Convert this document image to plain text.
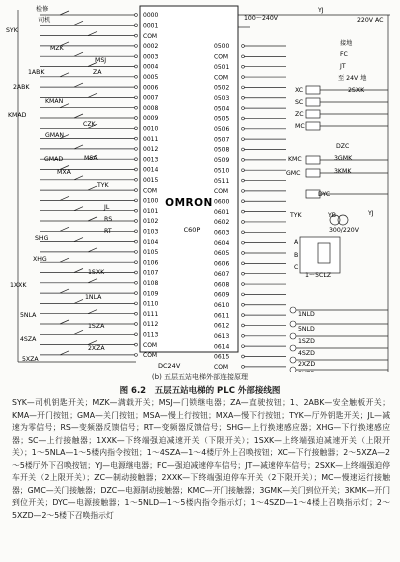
OMRON
C60P
DC24V
0000
0001
COM
0002
0003
0004
0005
0006
0007
0008
0009
0010
0011
0012
0013
0014
0015
COM
0100
0101
0102
0103
0104
0105
0106
0107
0108
0109
0110
0111
0112
0113
COM
COM
0500
COM
0501
COM
0502
0503
0504
0505
0506
0507
0508
0509
0510
0511
COM
0600
0601
0602
0603
0604
0605
0606
0607
0608
0609
0610
0611
0612
0613
0614
0615
COM
检修
司机
SYK
MZK
MSJ
1ABK	ZA
2ABK
KMAN
KMAD
CZK
GMAN
GMAD	MSA
MXA
TYK
JL
RS
RT
SHG
XHG
1SXK
1XXK
1NLA
5NLA
1SZA
4SZA
2XZA
5XZA
100～240V
YJ
220V AC
接地
FC
JT
至 24V 地
XC	2SXK
SC
ZC
MC
DZC
KMC
GMC
3GMK
3KMK
DYC
TYK	YB	YJ
300/220V
A
B
C
1～5CLZ
1NLD
5NLD
1SZD
4SZD
2XZD
(b) 五层五站电梯外部连接原理
图 6.2　五层五站电梯的 PLC 外部接线图
SYK—司机钥匙开关；MZK—满载开关；MSJ—门锁继电器；ZA—直驶按钮；1、2ABK—安全触板开关；KMA—开门按钮；GMA—关门按钮；MSA—慢上行按钮；MXA—慢下行按钮；TYK—厅外钥匙开关；JL—减速为零信号；RS—变频器反馈信号；RT—变频器反馈信号；SHG—上行换速感应器；XHG—下行换速感应器；SC—上行接触器；1XXK—下终端强迫减速开关（下限开关）；1SXK—上终端强迫减速开关（上限开关）；1～5NLA—1～5楼内指令按钮；1～4SZA—1～4楼厅外上召唤按钮；XC—下行接触器；2～5XZA—2～5楼厅外下召唤按钮；YJ—电源继电器；FC—强迫减速停车信号；JT—减速停车信号；2SXK—上终端强迫停车开关（2上限开关）；ZC—制动接触器；2XXK—下终端强迫停车开关（2下限开关）；MC—慢速运行接触器；GMC—关门接触器；DZC—电源制动接触器；KMC—开门接触器；3GMK—关门到位开关；3KMK—开门到位开关；DYC—电源接触器；1～5NLD—1～5楼内指令指示灯；1～4SZD—1～4楼上召唤指示灯；2～5XZD—2～5楼下召唤指示灯
